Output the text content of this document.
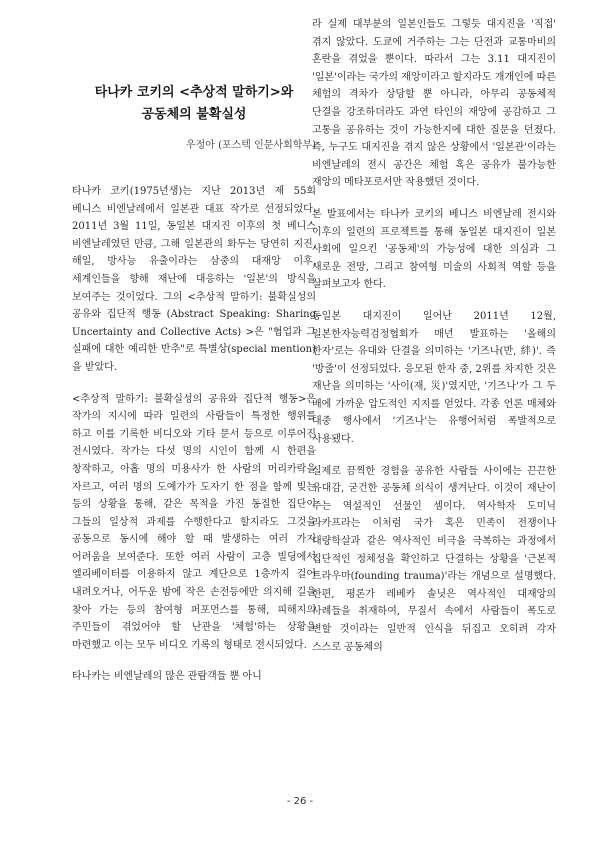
타나카 코키의 <추상적 말하기>와
공동체의 불확실성
우정아 (포스텍 인문사회학부)

타나카 코키(1975년생)는 지난 2013년 제 55회 베니스 비엔날레에서 일본관 대표 작가로 선정되었다. 2011년 3월 11일, 동일본 대지진 이후의 첫 베니스 비엔날레였던 만큼, 그해 일본관의 화두는 당연히 지진, 해일, 방사능 유출이라는 삼중의 대재앙 이후, 세계인들을 향해 재난에 대응하는 '일본'의 방식을 보여주는 것이었다. 그의 <추상적 말하기: 불확실성의 공유와 집단적 행동 (Abstract Speaking: Sharing Uncertainty and Collective Acts) >은 "협업과 그 실패에 대한 예리한 반추"로 특별상(special mention)을 받았다.

<추상적 말하기: 불확실성의 공유와 집단적 행동>은 작가의 지시에 따라 일련의 사람들이 특정한 행위를 하고 이를 기록한 비디오와 기타 문서 등으로 이루어진 전시였다. 작가는 다섯 명의 시인이 함께 시 한편을 창작하고, 아홉 명의 미용사가 한 사람의 머리카락을 자르고, 여러 명의 도예가가 도자기 한 점을 함께 빚는 등의 상황을 통해, 같은 목적을 가진 동질한 집단이 그들의 일상적 과제를 수행한다고 할지라도 그것을 공동으로 동시에 해야 할 때 발생하는 여러 가지 어려움을 보여준다. 또한 여러 사람이 고층 빌딩에서 엘리베이터를 이용하지 않고 계단으로 1층까지 걸어 내려오거나, 어두운 밤에 작은 손전등에만 의지해 길을 찾아 가는 등의 참여형 퍼포먼스를 통해, 피해지의 주민들이 겪었어야 할 난관을 '체험'하는 상황을 마련했고 이는 모두 비디오 기록의 형태로 전시되었다.

타나카는 비엔날레의 많은 관람객들 뿐 아니

라 실제 대부분의 일본인들도 그렇듯 대지진을 '직접' 겪지 않았다. 도쿄에 거주하는 그는 단전과 교통마비의 혼란을 겪었을 뿐이다. 따라서 그는 3.11 대지진이 '일본'이라는 국가의 재앙이라고 할지라도 개개인에 따른 체험의 격차가 상당할 뿐 아니라, 아무리 공동체적 단결을 강조하더라도 과연 타인의 재앙에 공감하고 그 고통을 공유하는 것이 가능한지에 대한 질문을 던졌다. 즉, 누구도 대지진을 겪지 않은 상황에서 '일본관'이라는 비엔날레의 전시 공간은 체험 혹은 공유가 불가능한 재앙의 메타포로서만 작용했던 것이다.

본 발표에서는 타나카 코키의 베니스 비엔날레 전시와 이후의 일련의 프로젝트를 통해 동일본 대지진이 일본 사회에 일으킨 '공동체'의 가능성에 대한 의심과 그 새로운 전망, 그리고 참여형 미술의 사회적 역할 등을 살펴보고자 한다.

동일본 대지진이 일어난 2011년 12월, 일본한자능력검정협회가 매년 발표하는 '올해의 한자'로는 유대와 단결을 의미하는 '기즈나(반, 絆)'. 즉 '방줄'이 선정되었다. 응모된 한자 중, 2위를 차지한 것은 재난을 의미하는 '사이(재, 災)'였지만, '기즈나'가 그 두 배에 가까운 압도적인 지지를 얻었다. 각종 언론 매체와 대중 행사에서 '기즈나'는 유행어처럼 폭발적으로 사용됐다.

실제로 끔찍한 경험을 공유한 사람들 사이에는 끈끈한 유대감, 굳건한 공동체 의식이 생겨난다. 이것이 재난이 주는 역설적인 선물인 셈이다. 역사학자 도미닉 라카프라는 이처럼 국가 혹은 민족이 전쟁이나 대량학살과 같은 역사적인 비극을 극복하는 과정에서 집단적인 정체성을 확인하고 단결하는 상황을 '근본적 트라우마(founding trauma)'라는 개념으로 설명했다. 한편, 평론가 레베카 솔닛은 역사적인 대재앙의 사례들을 취재하여, 무질서 속에서 사람들이 폭도로 변할 것이라는 일반적 인식을 뒤집고 오히려 각자 스스로 공동체의

- 26 -
